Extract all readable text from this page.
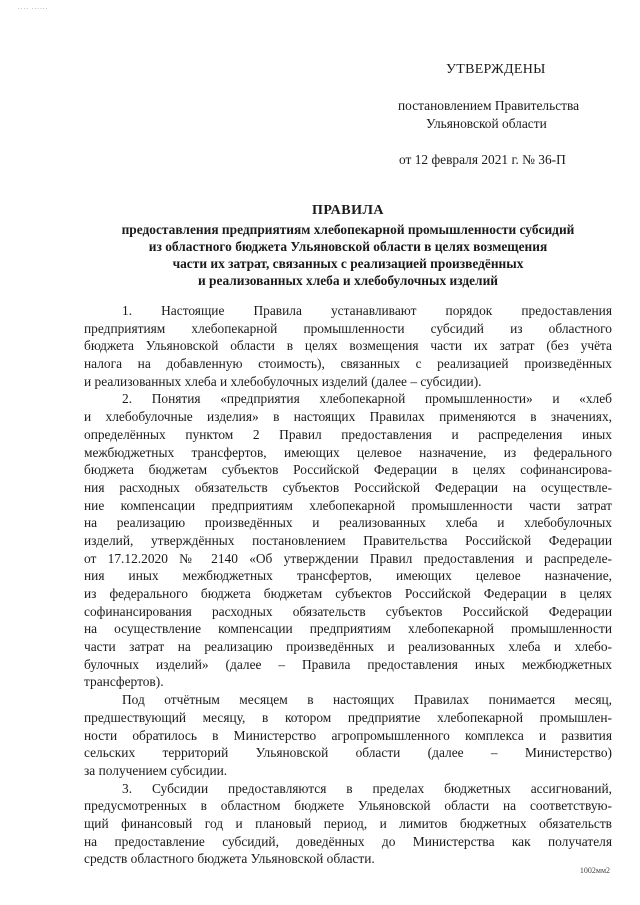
.... ......
УТВЕРЖДЕНЫ
постановлением Правительства
Ульяновской области
от 12 февраля 2021 г. № 36-П
ПРАВИЛА
предоставления предприятиям хлебопекарной промышленности субсидий
из областного бюджета Ульяновской области в целях возмещения
части их затрат, связанных с реализацией произведённых
и реализованных хлеба и хлебобулочных изделий
1. Настоящие Правила устанавливают порядок предоставления
предприятиям хлебопекарной промышленности субсидий из областного
бюджета Ульяновской области в целях возмещения части их затрат (без учёта
налога на добавленную стоимость), связанных с реализацией произведённых
и реализованных хлеба и хлебобулочных изделий (далее – субсидии).
2. Понятия «предприятия хлебопекарной промышленности» и «хлеб
и хлебобулочные изделия» в настоящих Правилах применяются в значениях,
определённых пунктом 2 Правил предоставления и распределения иных
межбюджетных трансфертов, имеющих целевое назначение, из федерального
бюджета бюджетам субъектов Российской Федерации в целях софинансирова-
ния расходных обязательств субъектов Российской Федерации на осуществле-
ние компенсации предприятиям хлебопекарной промышленности части затрат
на реализацию произведённых и реализованных хлеба и хлебобулочных
изделий, утверждённых постановлением Правительства Российской Федерации
от 17.12.2020 № 2140 «Об утверждении Правил предоставления и распределе-
ния иных межбюджетных трансфертов, имеющих целевое назначение,
из федерального бюджета бюджетам субъектов Российской Федерации в целях
софинансирования расходных обязательств субъектов Российской Федерации
на осуществление компенсации предприятиям хлебопекарной промышленности
части затрат на реализацию произведённых и реализованных хлеба и хлебо-
булочных изделий» (далее – Правила предоставления иных межбюджетных
трансфертов).
Под отчётным месяцем в настоящих Правилах понимается месяц,
предшествующий месяцу, в котором предприятие хлебопекарной промышлен-
ности обратилось в Министерство агропромышленного комплекса и развития
сельских территорий Ульяновской области (далее – Министерство)
за получением субсидии.
3. Субсидии предоставляются в пределах бюджетных ассигнований,
предусмотренных в областном бюджете Ульяновской области на соответствую-
щий финансовый год и плановый период, и лимитов бюджетных обязательств
на предоставление субсидий, доведённых до Министерства как получателя
средств областного бюджета Ульяновской области.
1002мм2
